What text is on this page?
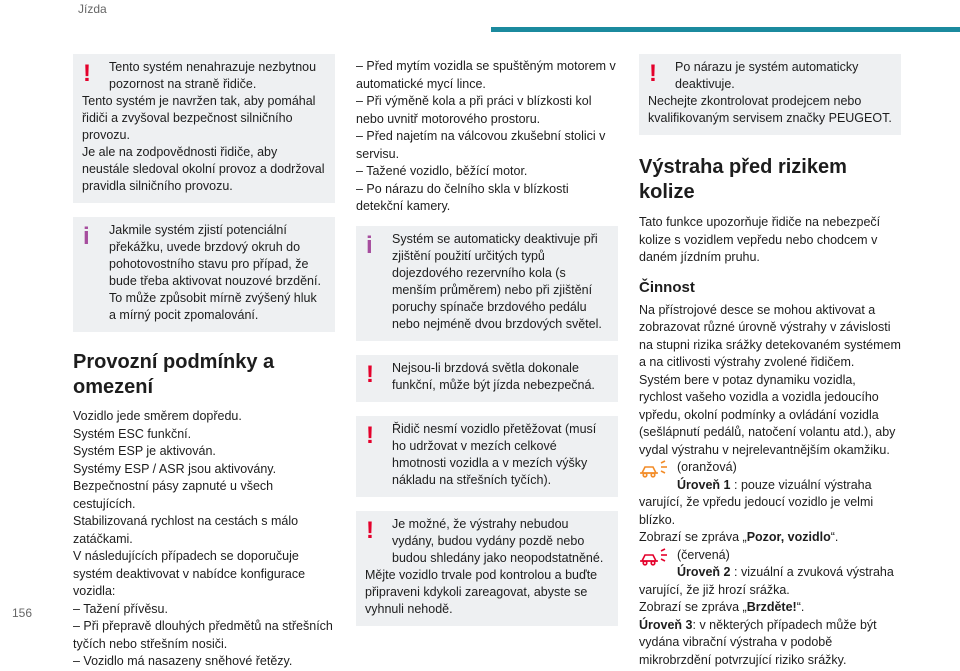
Jízda
!	Tento systém nenahrazuje nezbytnou pozornost na straně řidiče.

Tento systém je navržen tak, aby pomáhal řidiči a zvyšoval bezpečnost silničního provozu.

Je ale na zodpovědnosti řidiče, aby neustále sledoval okolní provoz a dodržoval pravidla silničního provozu.

i	Jakmile systém zjistí potenciální překážku, uvede brzdový okruh do pohotovostního stavu pro případ, že bude třeba aktivovat nouzové brzdění. To může způsobit mírně zvýšený hluk a mírný pocit zpomalování.

Provozní podmínky a omezení

Vozidlo jede směrem dopředu.

Systém ESC funkční.

Systém ESP je aktivován.

Systémy ESP / ASR jsou aktivovány.

Bezpečnostní pásy zapnuté u všech cestujících.

Stabilizovaná rychlost na cestách s málo zatáčkami.

V následujících případech se doporučuje systém deaktivovat v nabídce konfigurace vozidla:

– Tažení přívěsu.

– Při přepravě dlouhých předmětů na střešních tyčích nebo střešním nosiči.

– Vozidlo má nasazeny sněhové řetězy.

– Před mytím vozidla se spuštěným motorem v automatické mycí lince.

– Při výměně kola a při práci v blízkosti kol nebo uvnitř motorového prostoru.

– Před najetím na válcovou zkušební stolici v servisu.

– Tažené vozidlo, běžící motor.

– Po nárazu do čelního skla v blízkosti detekční kamery.

i	Systém se automaticky deaktivuje při zjištění použití určitých typů dojezdového rezervního kola (s menším průměrem) nebo při zjištění poruchy spínače brzdového pedálu nebo nejméně dvou brzdových světel.

!	Nejsou-li brzdová světla dokonale funkční, může být jízda nebezpečná.

!	Řidič nesmí vozidlo přetěžovat (musí ho udržovat v mezích celkové hmotnosti vozidla a v mezích výšky nákladu na střešních tyčích).

!	Je možné, že výstrahy nebudou vydány, budou vydány pozdě nebo budou shledány jako neopodstatněné.

Mějte vozidlo trvale pod kontrolou a buďte připraveni kdykoli zareagovat, abyste se vyhnuli nehodě.

!	Po nárazu je systém automaticky deaktivuje.

Nechejte zkontrolovat prodejcem nebo kvalifikovaným servisem značky PEUGEOT.

Výstraha před rizikem kolize

Tato funkce upozorňuje řidiče na nebezpečí kolize s vozidlem vepředu nebo chodcem v daném jízdním pruhu.

Činnost

Na přístrojové desce se mohou aktivovat a zobrazovat různé úrovně výstrahy v závislosti na stupni rizika srážky detekovaném systémem a na citlivosti výstrahy zvolené řidičem.

Systém bere v potaz dynamiku vozidla, rychlost vašeho vozidla a vozidla jedoucího vpředu, okolní podmínky a ovládání vozidla (sešlápnutí pedálů, natočení volantu atd.), aby vydal výstrahu v nejrelevantnějším okamžiku.

(oranžová)

Úroveň 1 : pouze vizuální výstraha varující, že vpředu jedoucí vozidlo je velmi blízko.

Zobrazí se zpráva „Pozor, vozidlo“.

(červená)

Úroveň 2 : vizuální a zvuková výstraha varující, že již hrozí srážka.

Zobrazí se zpráva „Brzděte!“.

Úroveň 3: v některých případech může být vydána vibrační výstraha v podobě mikrobrzdění potvrzující riziko srážky.

156
